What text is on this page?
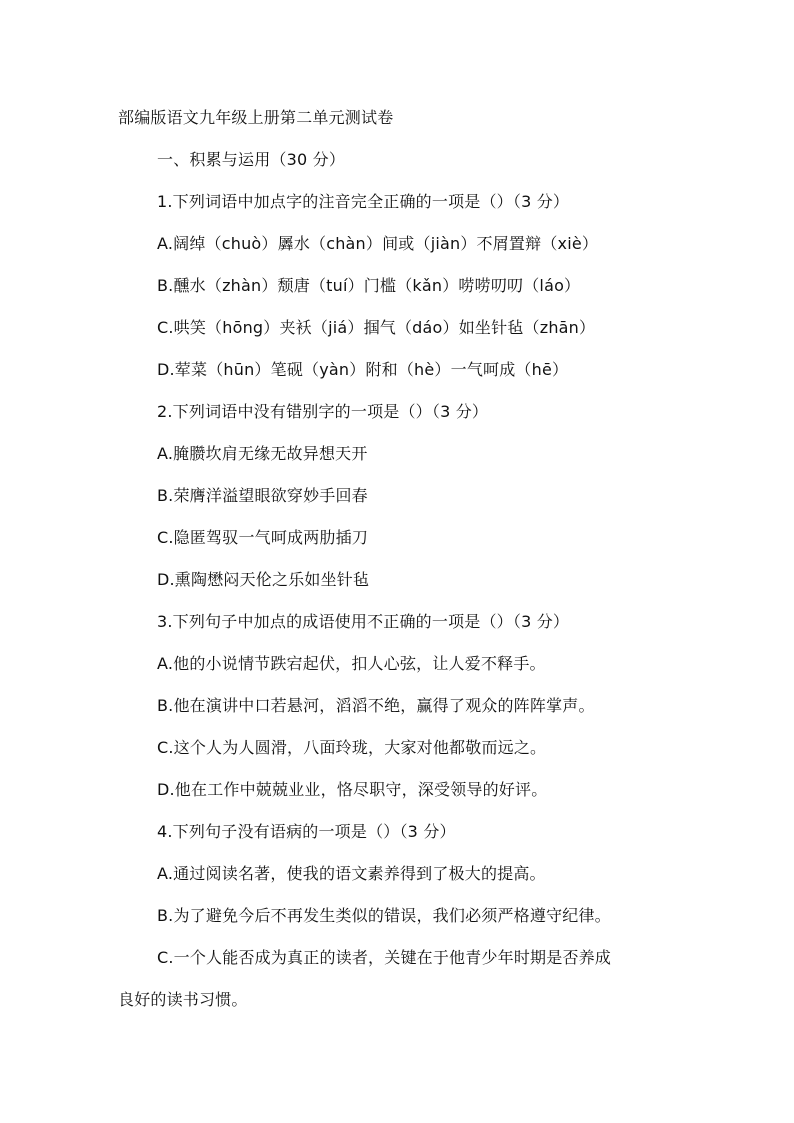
部编版语文九年级上册第二单元测试卷
一、积累与运用（30 分）
1.下列词语中加点字的注音完全正确的一项是（）（3 分）
A.阔绰（chuò）羼水（chàn）间或（jiàn）不屑置辩（xiè）
B.醺水（zhàn）颓唐（tuí）门槛（kǎn）唠唠叨叨（láo）
C.哄笑（hōng）夹袄（jiá）掴气（dáo）如坐针毡（zhān）
D.荤菜（hūn）笔砚（yàn）附和（hè）一气呵成（hē）
2.下列词语中没有错别字的一项是（）（3 分）
A.腌臜坎肩无缘无故异想天开
B.荣膺洋溢望眼欲穿妙手回春
C.隐匿驾驭一气呵成两肋插刀
D.熏陶懋闷天伦之乐如坐针毡
3.下列句子中加点的成语使用不正确的一项是（）（3 分）
A.他的小说情节跌宕起伏，扣人心弦，让人爱不释手。
B.他在演讲中口若悬河，滔滔不绝，赢得了观众的阵阵掌声。
C.这个人为人圆滑，八面玲珑，大家对他都敬而远之。
D.他在工作中兢兢业业，恪尽职守，深受领导的好评。
4.下列句子没有语病的一项是（）（3 分）
A.通过阅读名著，使我的语文素养得到了极大的提高。
B.为了避免今后不再发生类似的错误，我们必须严格遵守纪律。
C.一个人能否成为真正的读者，关键在于他青少年时期是否养成
良好的读书习惯。
